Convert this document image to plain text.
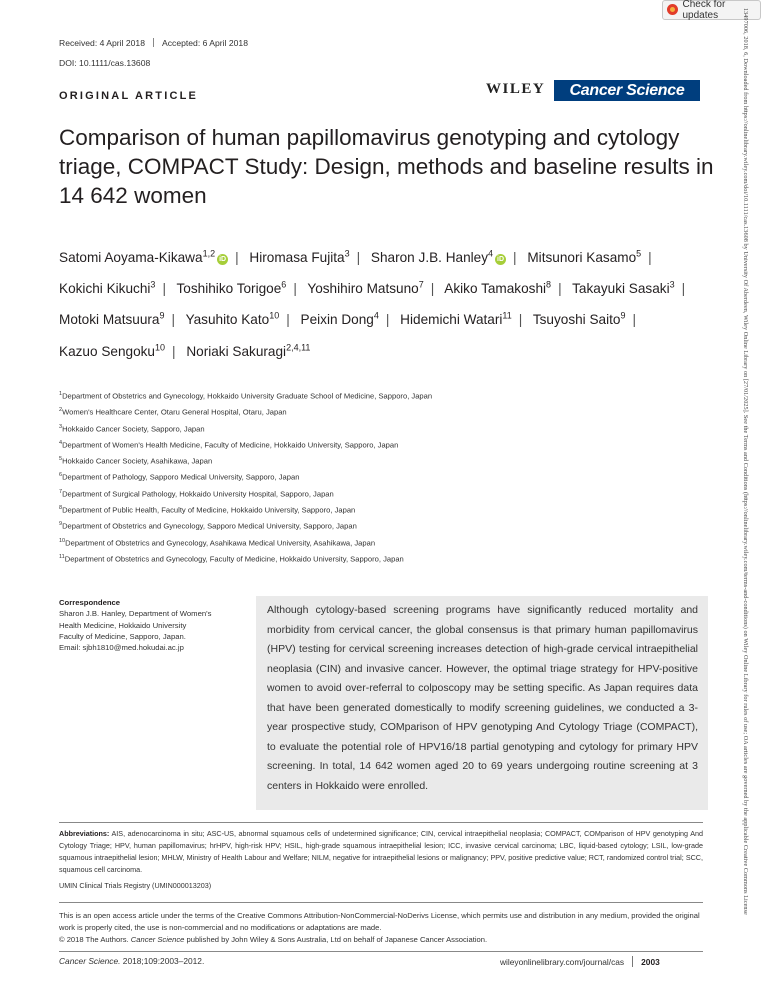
Check for updates	13497006, 2018, 6, Downloaded from https://onlinelibrary.wiley.com/doi/10.1111/cas.13608 by University Of Aberdeen, Wiley Online Library on [27/01/2025]. See the Terms and Conditions (https://onlinelibrary.wiley.com/terms-and-conditions) on Wiley Online Library for rules of use; OA articles are governed by the applicable Creative Commons License
Received: 4 April 2018 Accepted: 6 April 2018
DOI: 10.1111/cas.13608
ORIGINAL ARTICLE	WILEY	Cancer Science
Comparison of human papillomavirus genotyping and cytology triage, COMPACT Study: Design, methods and baseline results in 14 642 women
Satomi Aoyama-Kikawa$^{1,2}$iD | Hiromasa Fujita$^3$ | Sharon J.B. Hanley$^4$iD | Mitsunori Kasamo$^5$ | Kokichi Kikuchi$^3$ | Toshihiko Torigoe$^6$ | Yoshihiro Matsuno$^7$ | Akiko Tamakoshi$^8$ | Takayuki Sasaki$^3$ | Motoki Matsuura$^9$ | Yasuhito Kato$^{10}$ | Peixin Dong$^4$ | Hidemichi Watari$^{11}$ | Tsuyoshi Saito$^9$ | Kazuo Sengoku$^{10}$ | Noriaki Sakuragi$^{2,4,11}$
$^1$Department of Obstetrics and Gynecology, Hokkaido University Graduate School of Medicine, Sapporo, Japan
$^2$Women's Healthcare Center, Otaru General Hospital, Otaru, Japan
$^3$Hokkaido Cancer Society, Sapporo, Japan
$^4$Department of Women's Health Medicine, Faculty of Medicine, Hokkaido University, Sapporo, Japan
$^5$Hokkaido Cancer Society, Asahikawa, Japan
$^6$Department of Pathology, Sapporo Medical University, Sapporo, Japan
$^7$Department of Surgical Pathology, Hokkaido University Hospital, Sapporo, Japan
$^8$Department of Public Health, Faculty of Medicine, Hokkaido University, Sapporo, Japan
$^9$Department of Obstetrics and Gynecology, Sapporo Medical University, Sapporo, Japan
$^{10}$Department of Obstetrics and Gynecology, Asahikawa Medical University, Asahikawa, Japan
$^{11}$Department of Obstetrics and Gynecology, Faculty of Medicine, Hokkaido University, Sapporo, Japan
Correspondence
Sharon J.B. Hanley, Department of Women's
Health Medicine, Hokkaido University
Faculty of Medicine, Sapporo, Japan.
Email: sjbh1810@med.hokudai.ac.jp
Although cytology-based screening programs have significantly reduced mortality and morbidity from cervical cancer, the global consensus is that primary human papillomavirus (HPV) testing for cervical screening increases detection of high-grade cervical intraepithelial neoplasia (CIN) and invasive cancer. However, the optimal triage strategy for HPV-positive women to avoid over-referral to colposcopy may be setting specific. As Japan requires data that have been generated domestically to modify screening guidelines, we conducted a 3-year prospective study, COMparison of HPV genotyping And Cytology Triage (COMPACT), to evaluate the potential role of HPV16/18 partial genotyping and cytology for primary HPV screening. In total, 14 642 women aged 20 to 69 years undergoing routine screening at 3 centers in Hokkaido were enrolled.
Abbreviations: AIS, adenocarcinoma in situ; ASC-US, abnormal squamous cells of undetermined significance; CIN, cervical intraepithelial neoplasia; COMPACT, COMparison of HPV genotyping And Cytology Triage; HPV, human papillomavirus; hrHPV, high-risk HPV; HSIL, high-grade squamous intraepithelial lesion; ICC, invasive cervical carcinoma; LBC, liquid-based cytology; LSIL, low-grade squamous intraepithelial lesion; MHLW, Ministry of Health Labour and Welfare; NILM, negative for intraepithelial lesions or malignancy; PPV, positive predictive value; RCT, randomized control trial; SCC, squamous cell carcinoma.
UMIN Clinical Trials Registry (UMIN000013203)
This is an open access article under the terms of the Creative Commons Attribution-NonCommercial-NoDerivs License, which permits use and distribution in any medium, provided the original work is properly cited, the use is non-commercial and no modifications or adaptations are made.
© 2018 The Authors. Cancer Science published by John Wiley & Sons Australia, Ltd on behalf of Japanese Cancer Association.
Cancer Science. 2018;109:2003–2012.	wileyonlinelibrary.com/journal/cas 2003
